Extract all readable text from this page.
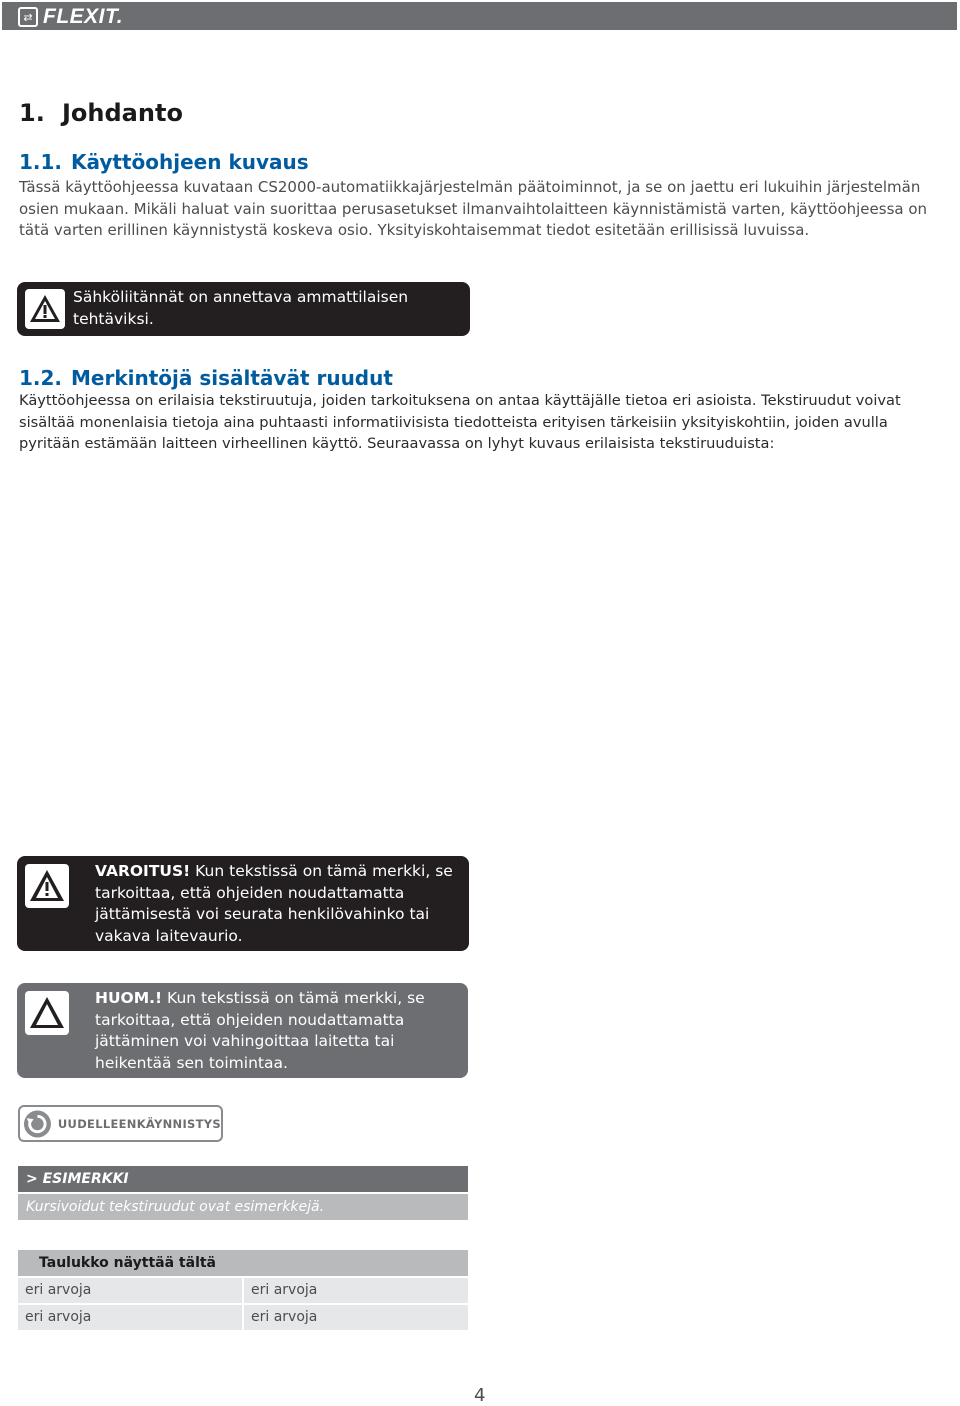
⇄ FLEXIT.
1. Johdanto
1.1. Käyttöohjeen kuvaus

Tässä käyttöohjeessa kuvataan CS2000-automatiikkajärjestelmän päätoiminnot, ja se on jaettu eri lukuihin järjestelmän osien mukaan. Mikäli haluat vain suorittaa perusasetukset ilmanvaihtolaitteen käynnistämistä varten, käyttöohjeessa on tätä varten erillinen käynnistystä koskeva osio. Yksityiskohtaisemmat tiedot esitetään erillisissä luvuissa.

Sähköliitännät on annettava ammattilaisen tehtäviksi.

1.2. Merkintöjä sisältävät ruudut

Käyttöohjeessa on erilaisia tekstiruutuja, joiden tarkoituksena on antaa käyttäjälle tietoa eri asioista. Tekstiruudut voivat sisältää monenlaisia tietoja aina puhtaasti informatiivisista tiedotteista erityisen tärkeisiin yksityiskohtiin, joiden avulla pyritään estämään laitteen virheellinen käyttö. Seuraavassa on lyhyt kuvaus erilaisista tekstiruuduista:

VAROITUS! Kun tekstissä on tämä merkki, se tarkoittaa, että ohjeiden noudattamatta jättämisestä voi seurata henkilövahinko tai vakava laitevaurio.

HUOM.! Kun tekstissä on tämä merkki, se tarkoittaa, että ohjeiden noudattamatta jättäminen voi vahingoittaa laitetta tai heikentää sen toimintaa.

UUDELLEENKÄYNNISTYS
> ESIMERKKI
Kursivoidut tekstiruudut ovat esimerkkejä.
Taulukko näyttää tältä
eri arvoja	eri arvoja
eri arvoja	eri arvoja
4
